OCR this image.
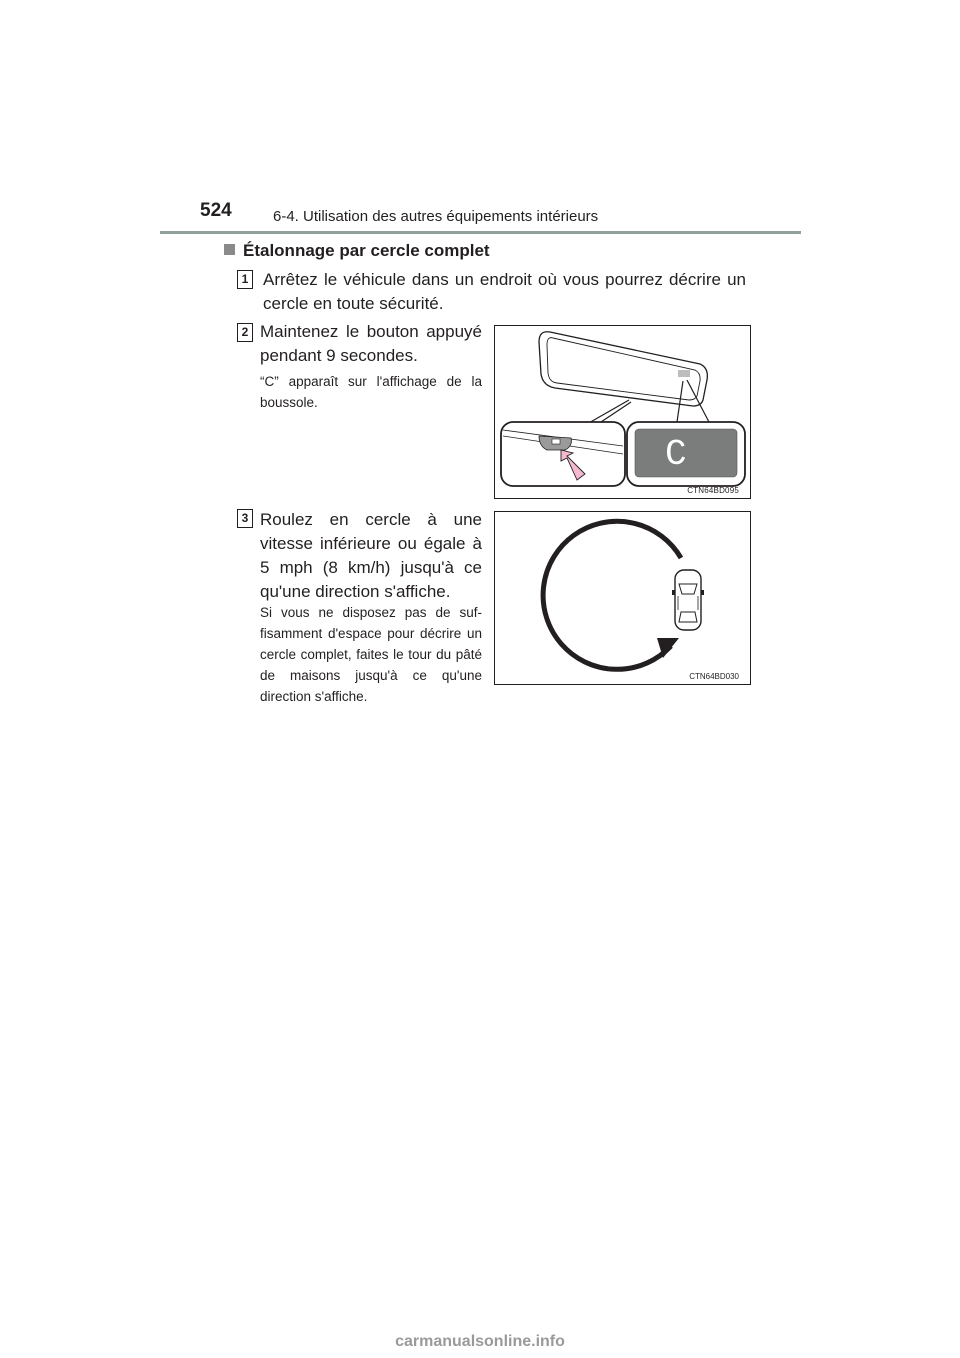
524	6-4. Utilisation des autres équipements intérieurs
Étalonnage par cercle complet
1 Arrêtez le véhicule dans un endroit où vous pourrez décrire un cercle en toute sécurité.
2 Maintenez le bouton appuyé pendant 9 secondes.
“C” apparaît sur l'affichage de la boussole.
C
CTN64BD095
3 Roulez en cercle à une vitesse inférieure ou égale à 5 mph (8 km/h) jusqu'à ce qu'une direction s'affiche.
Si vous ne disposez pas de suf-fisamment d'espace pour décrire un cercle complet, faites le tour du pâté de maisons jusqu'à ce qu'une direction s'affiche.
CTN64BD030
carmanualsonline.info
